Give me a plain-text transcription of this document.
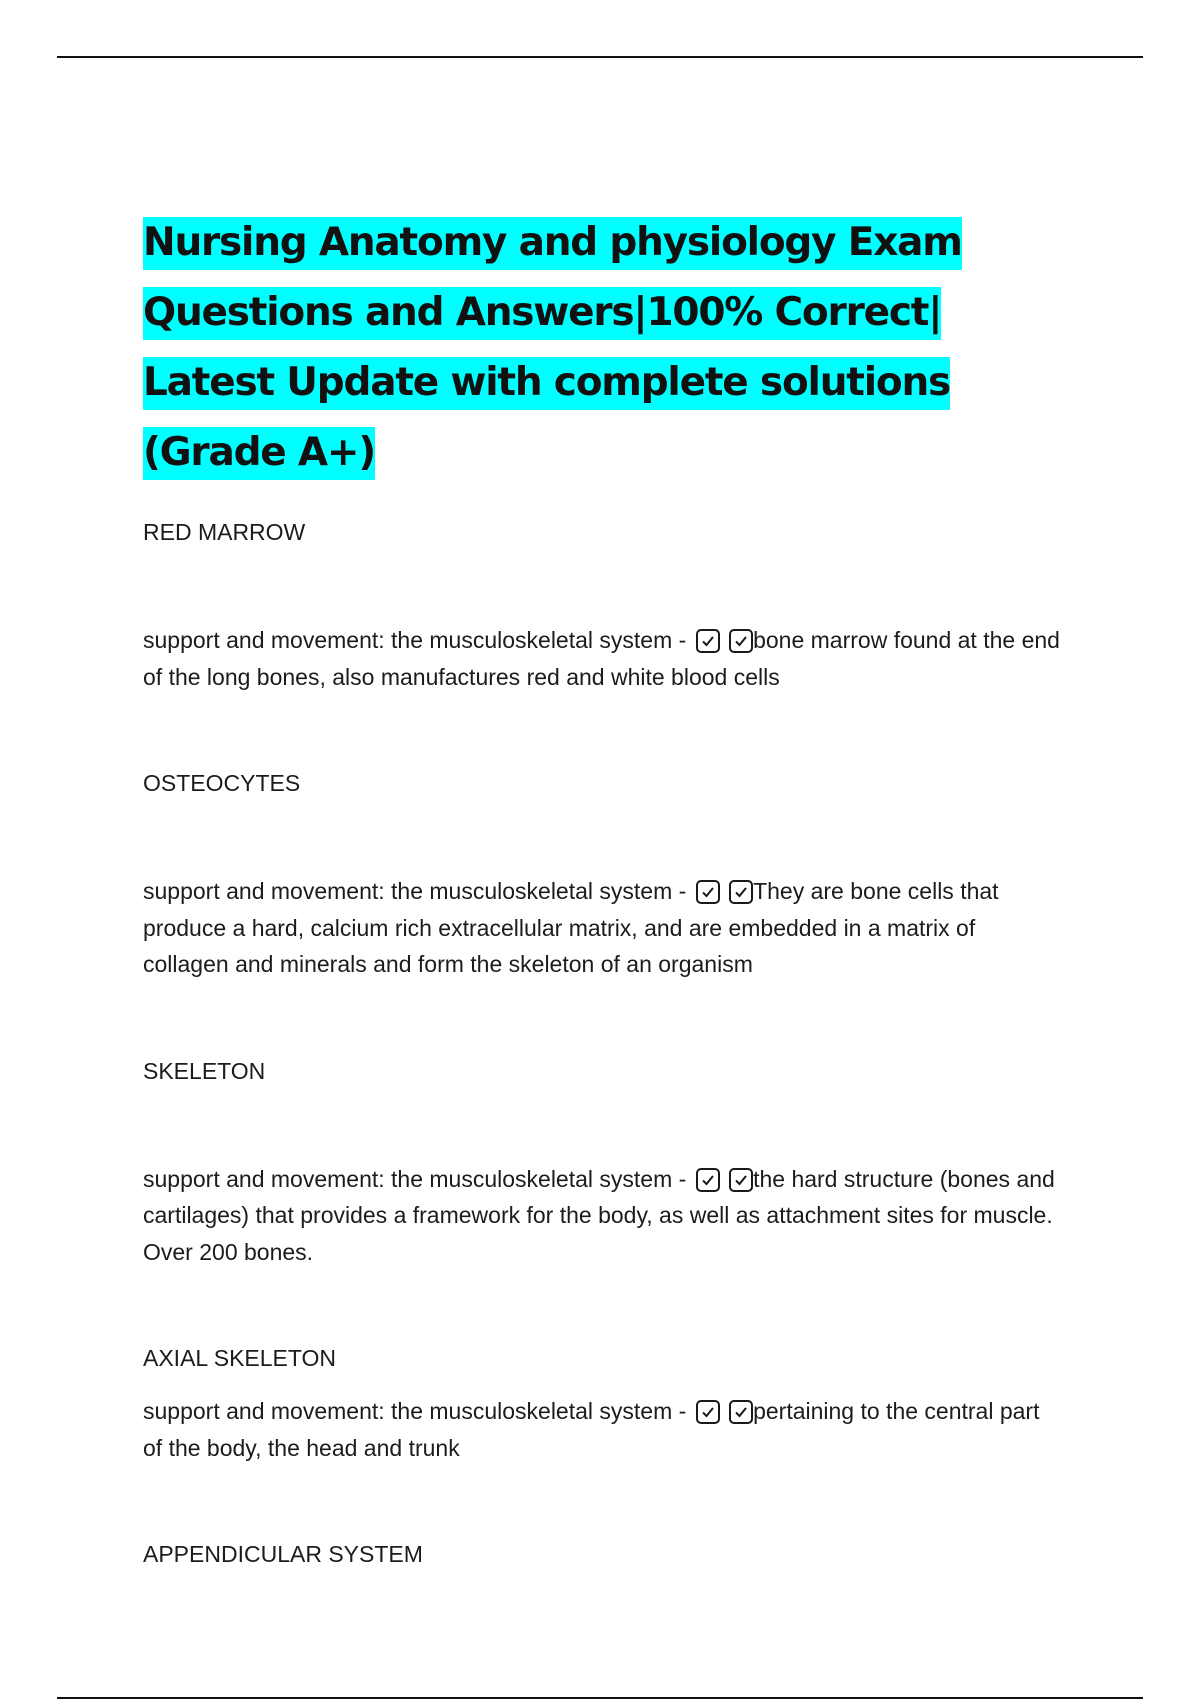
Nursing Anatomy and physiology Exam Questions and Answers|100% Correct| Latest Update with complete solutions (Grade A+)

RED MARROW

support and movement: the musculoskeletal system -
	bone marrow found at the end of the long bones, also manufactures red and white blood cells

OSTEOCYTES

support and movement: the musculoskeletal system -
	They are bone cells that produce a hard, calcium rich extracellular matrix, and are embedded in a matrix of collagen and minerals and form the skeleton of an organism

SKELETON

support and movement: the musculoskeletal system -
	the hard structure (bones and cartilages) that provides a framework for the body, as well as attachment sites for muscle. Over 200 bones.

AXIAL SKELETON

support and movement: the musculoskeletal system -
	pertaining to the central part of the body, the head and trunk

APPENDICULAR SYSTEM
